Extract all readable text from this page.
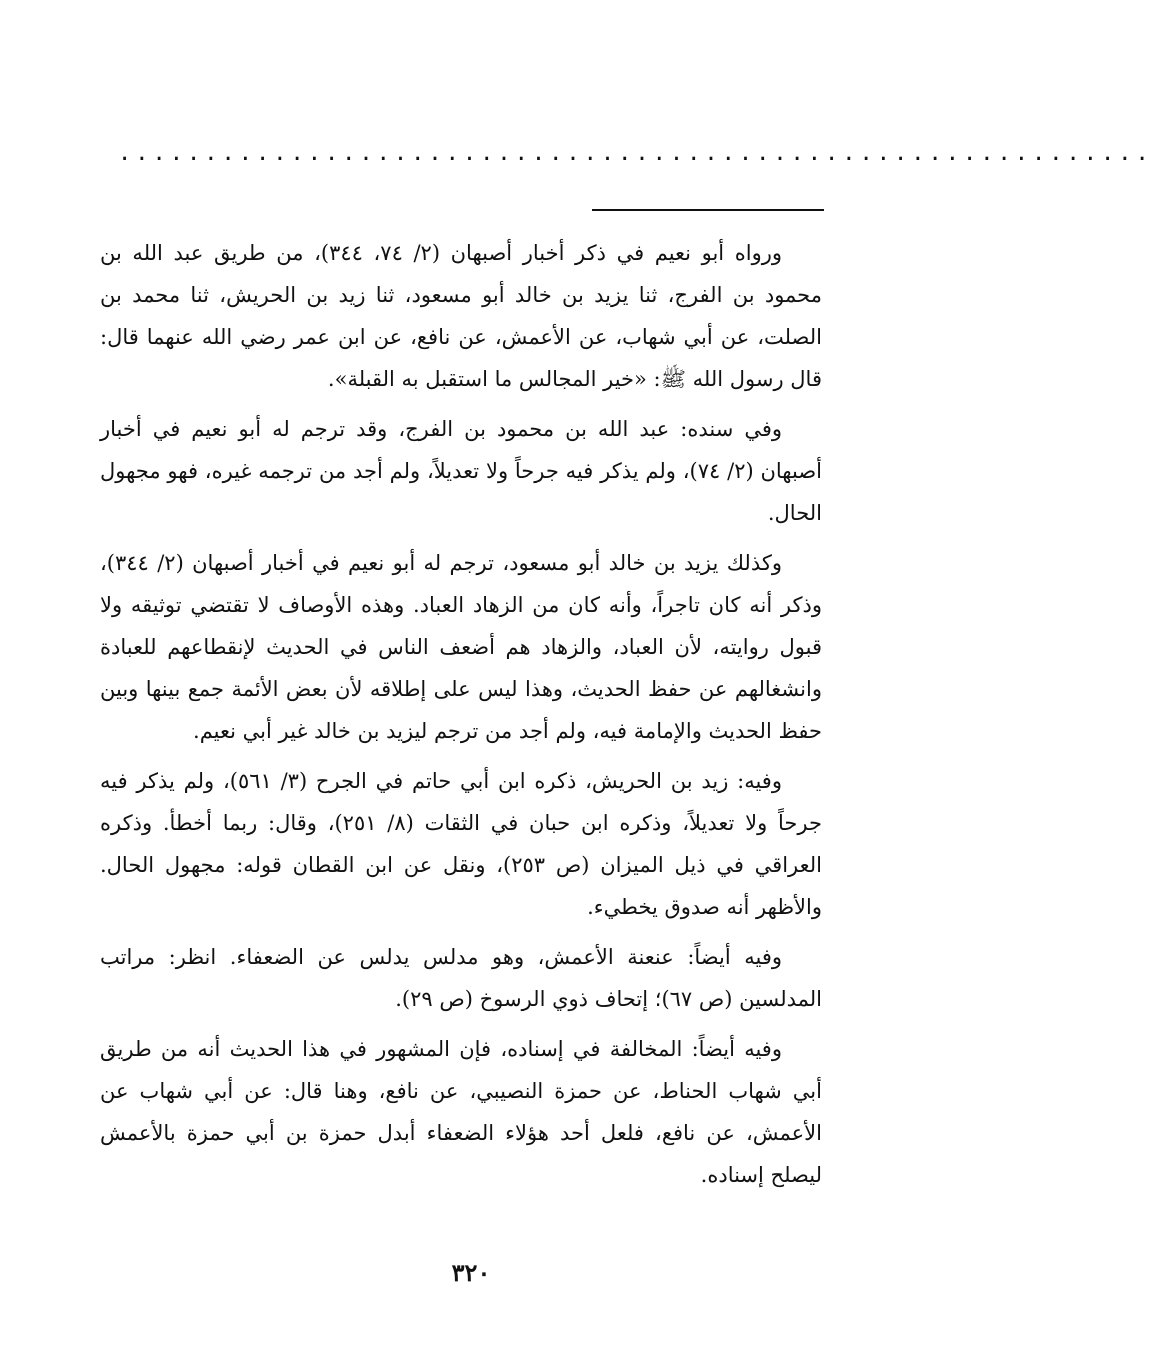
............................................................

ورواه أبو نعيم في ذكر أخبار أصبهان (٢/ ٧٤، ٣٤٤)، من طريق عبد الله بن محمود بن الفرج، ثنا يزيد بن خالد أبو مسعود، ثنا زيد بن الحريش، ثنا محمد بن الصلت، عن أبي شهاب، عن الأعمش، عن نافع، عن ابن عمر رضي الله عنهما قال: قال رسول الله ﷺ: «خير المجالس ما استقبل به القبلة».

وفي سنده: عبد الله بن محمود بن الفرج، وقد ترجم له أبو نعيم في أخبار أصبهان (٢/ ٧٤)، ولم يذكر فيه جرحاً ولا تعديلاً، ولم أجد من ترجمه غيره، فهو مجهول الحال.

وكذلك يزيد بن خالد أبو مسعود، ترجم له أبو نعيم في أخبار أصبهان (٢/ ٣٤٤)، وذكر أنه كان تاجراً، وأنه كان من الزهاد العباد. وهذه الأوصاف لا تقتضي توثيقه ولا قبول روايته، لأن العباد، والزهاد هم أضعف الناس في الحديث لإنقطاعهم للعبادة وانشغالهم عن حفظ الحديث، وهذا ليس على إطلاقه لأن بعض الأئمة جمع بينها وبين حفظ الحديث والإمامة فيه، ولم أجد من ترجم ليزيد بن خالد غير أبي نعيم.

وفيه: زيد بن الحريش، ذكره ابن أبي حاتم في الجرح (٣/ ٥٦١)، ولم يذكر فيه جرحاً ولا تعديلاً، وذكره ابن حبان في الثقات (٨/ ٢٥١)، وقال: ربما أخطأ. وذكره العراقي في ذيل الميزان (ص ٢٥٣)، ونقل عن ابن القطان قوله: مجهول الحال. والأظهر أنه صدوق يخطيء.

وفيه أيضاً: عنعنة الأعمش، وهو مدلس يدلس عن الضعفاء. انظر: مراتب المدلسين (ص ٦٧)؛ إتحاف ذوي الرسوخ (ص ٢٩).

وفيه أيضاً: المخالفة في إسناده، فإن المشهور في هذا الحديث أنه من طريق أبي شهاب الحناط، عن حمزة النصيبي، عن نافع، وهنا قال: عن أبي شهاب عن الأعمش، عن نافع، فلعل أحد هؤلاء الضعفاء أبدل حمزة بن أبي حمزة بالأعمش ليصلح إسناده.

٣٢٠
